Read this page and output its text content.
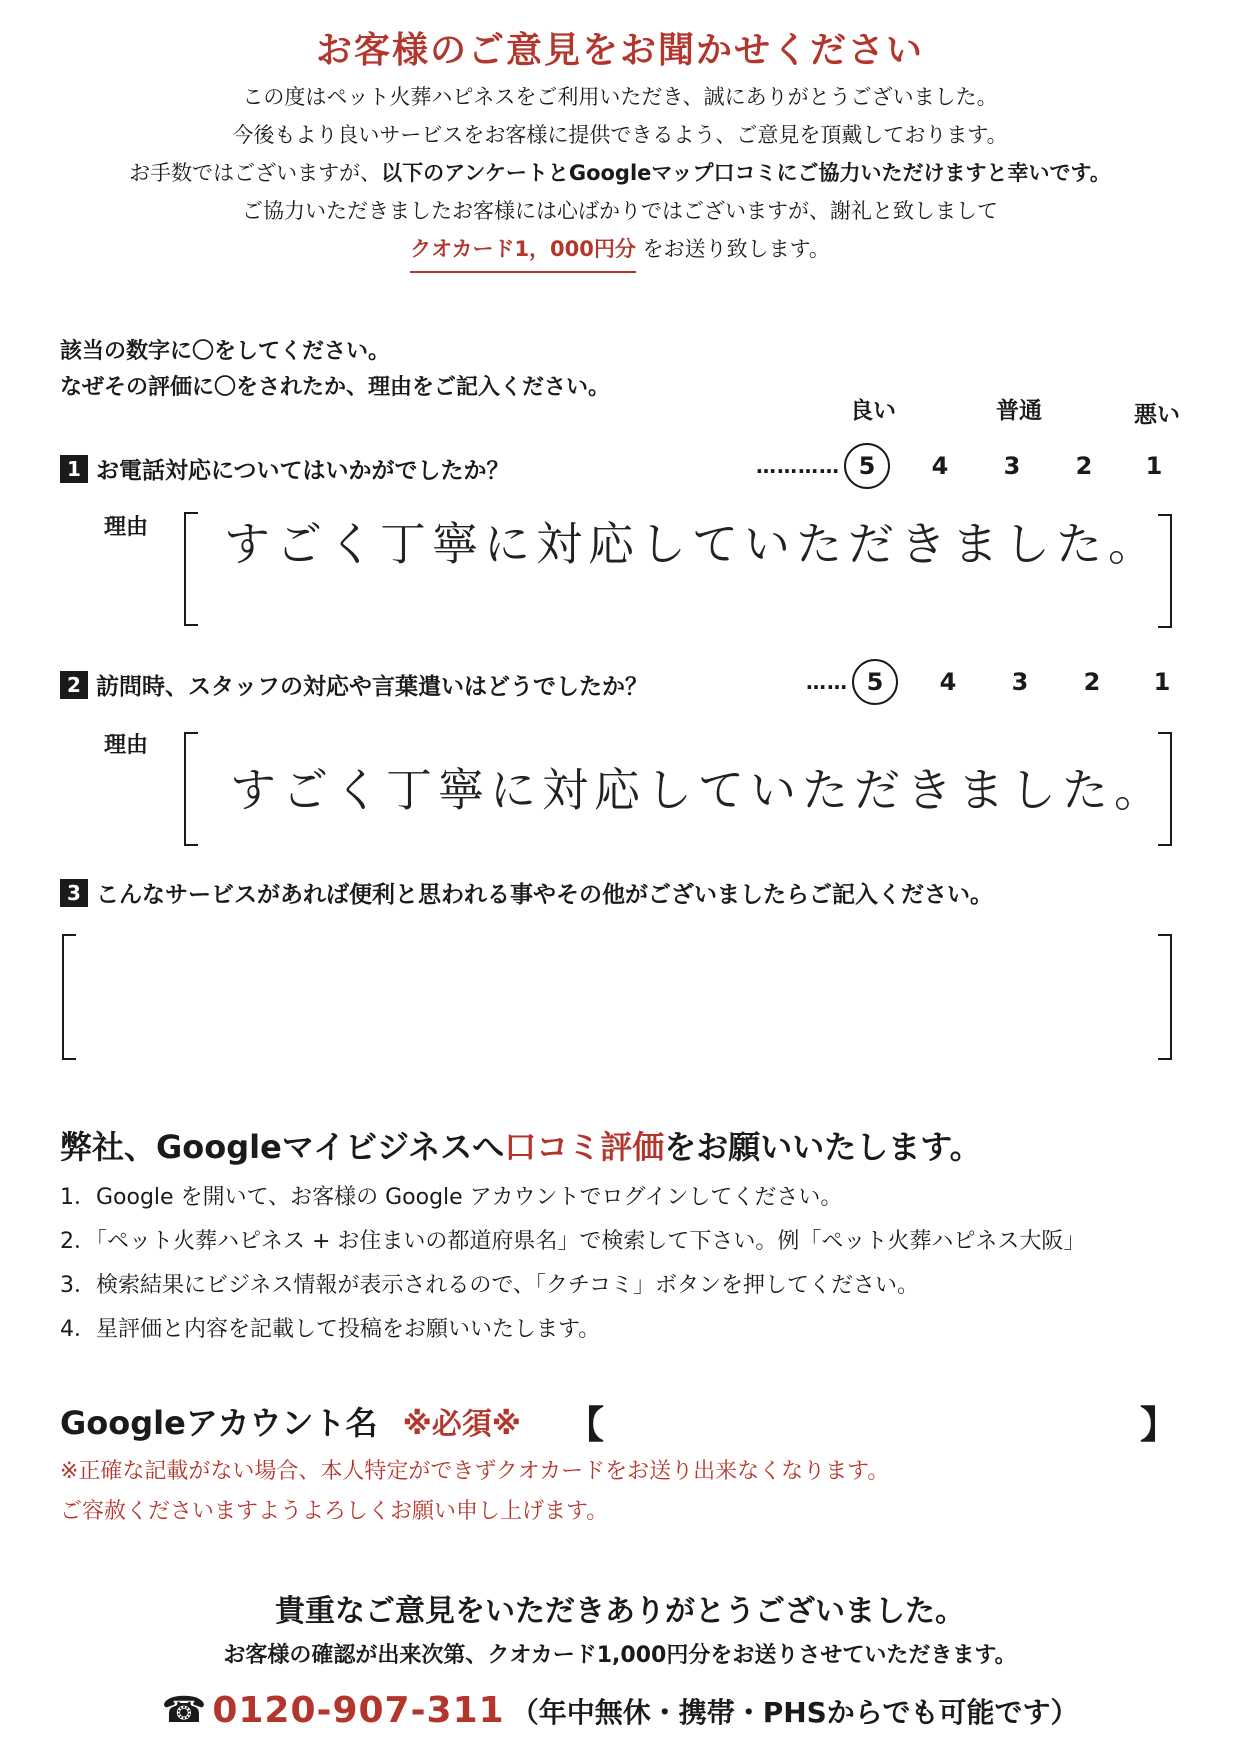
お客様のご意見をお聞かせください
この度はペット火葬ハピネスをご利用いただき、誠にありがとうございました。
今後もより良いサービスをお客様に提供できるよう、ご意見を頂戴しております。
お手数ではございますが、以下のアンケートとGoogleマップ口コミにご協力いただけますと幸いです。
ご協力いただきましたお客様には心ばかりではございますが、謝礼と致しまして
クオカード1，000円分 をお送り致します。
該当の数字に〇をしてください。
なぜその評価に〇をされたか、理由をご記入ください。
良い	普通	悪い
1 お電話対応についてはいかがでしたか？	………… 5	4	3	2	1
理由 すごく丁寧に対応していただきました。
2 訪問時、スタッフの対応や言葉遣いはどうでしたか？	…… 5	4	3	2	1
理由
すごく丁寧に対応していただきました。
3 こんなサービスがあれば便利と思われる事やその他がございましたらご記入ください。
弊社、Googleマイビジネスへ口コミ評価をお願いいたします。
1．Google を開いて、お客様の Google アカウントでログインしてください。
2．「ペット火葬ハピネス + お住まいの都道府県名」で検索して下さい。例「ペット火葬ハピネス大阪」
3．検索結果にビジネス情報が表示されるので、「クチコミ」ボタンを押してください。
4．星評価と内容を記載して投稿をお願いいたします。
Googleアカウント名 ※必須※ 【	】
※正確な記載がない場合、本人特定ができずクオカードをお送り出来なくなります。
ご容赦くださいますようよろしくお願い申し上げます。
貴重なご意見をいただきありがとうございました。
お客様の確認が出来次第、クオカード1,000円分をお送りさせていただきます。
☎ 0120-907-311 （年中無休・携帯・PHSからでも可能です）
